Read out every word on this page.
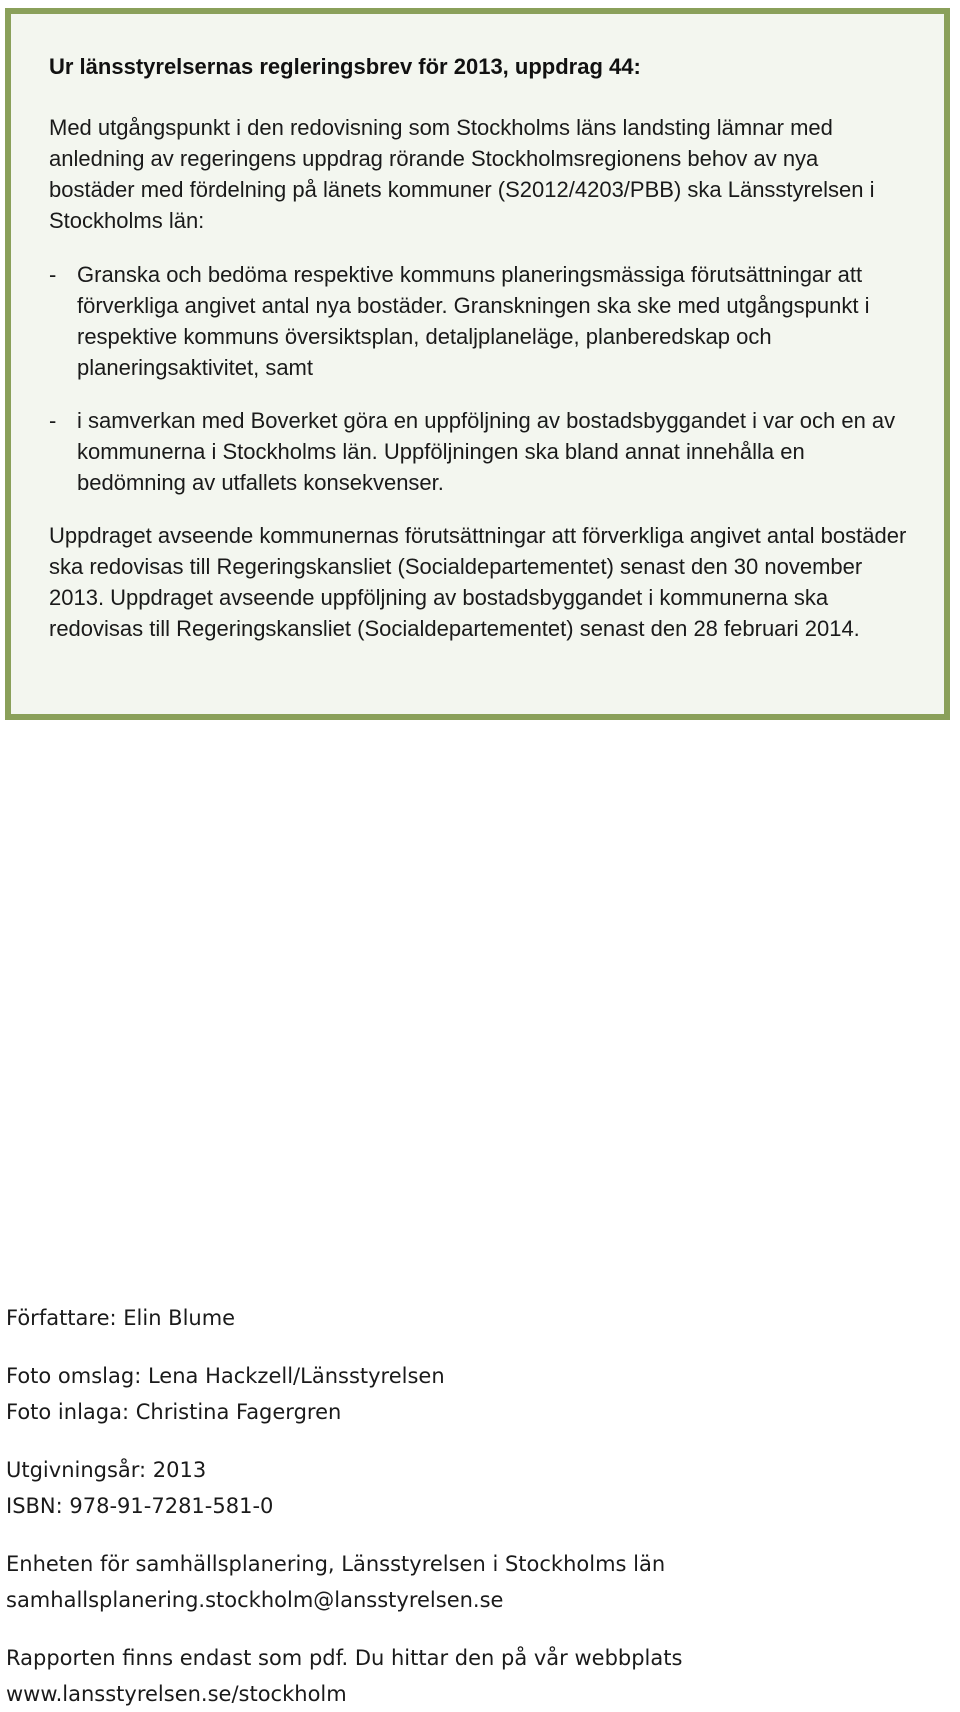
Ur länsstyrelsernas regleringsbrev för 2013, uppdrag 44:

Med utgångspunkt i den redovisning som Stockholms läns landsting lämnar med anledning av regeringens uppdrag rörande Stockholmsregionens behov av nya bostäder med fördelning på länets kommuner (S2012/4203/PBB) ska Länsstyrelsen i Stockholms län:

- Granska och bedöma respektive kommuns planeringsmässiga förutsättningar att förverkliga angivet antal nya bostäder. Granskningen ska ske med utgångspunkt i respektive kommuns översiktsplan, detaljplaneläge, planberedskap och planeringsaktivitet, samt
- i samverkan med Boverket göra en uppföljning av bostadsbyggandet i var och en av kommunerna i Stockholms län. Uppföljningen ska bland annat innehålla en bedömning av utfallets konsekvenser.

Uppdraget avseende kommunernas förutsättningar att förverkliga angivet antal bostäder ska redovisas till Regeringskansliet (Socialdepartementet) senast den 30 november 2013. Uppdraget avseende uppföljning av bostadsbyggandet i kommunerna ska redovisas till Regeringskansliet (Socialdepartementet) senast den 28 februari 2014.

Författare: Elin Blume
Foto omslag: Lena Hackzell/Länsstyrelsen
Foto inlaga: Christina Fagergren
Utgivningsår: 2013
ISBN: 978-91-7281-581-0
Enheten för samhällsplanering, Länsstyrelsen i Stockholms län
samhallsplanering.stockholm@lansstyrelsen.se
Rapporten finns endast som pdf. Du hittar den på vår webbplats
www.lansstyrelsen.se/stockholm
